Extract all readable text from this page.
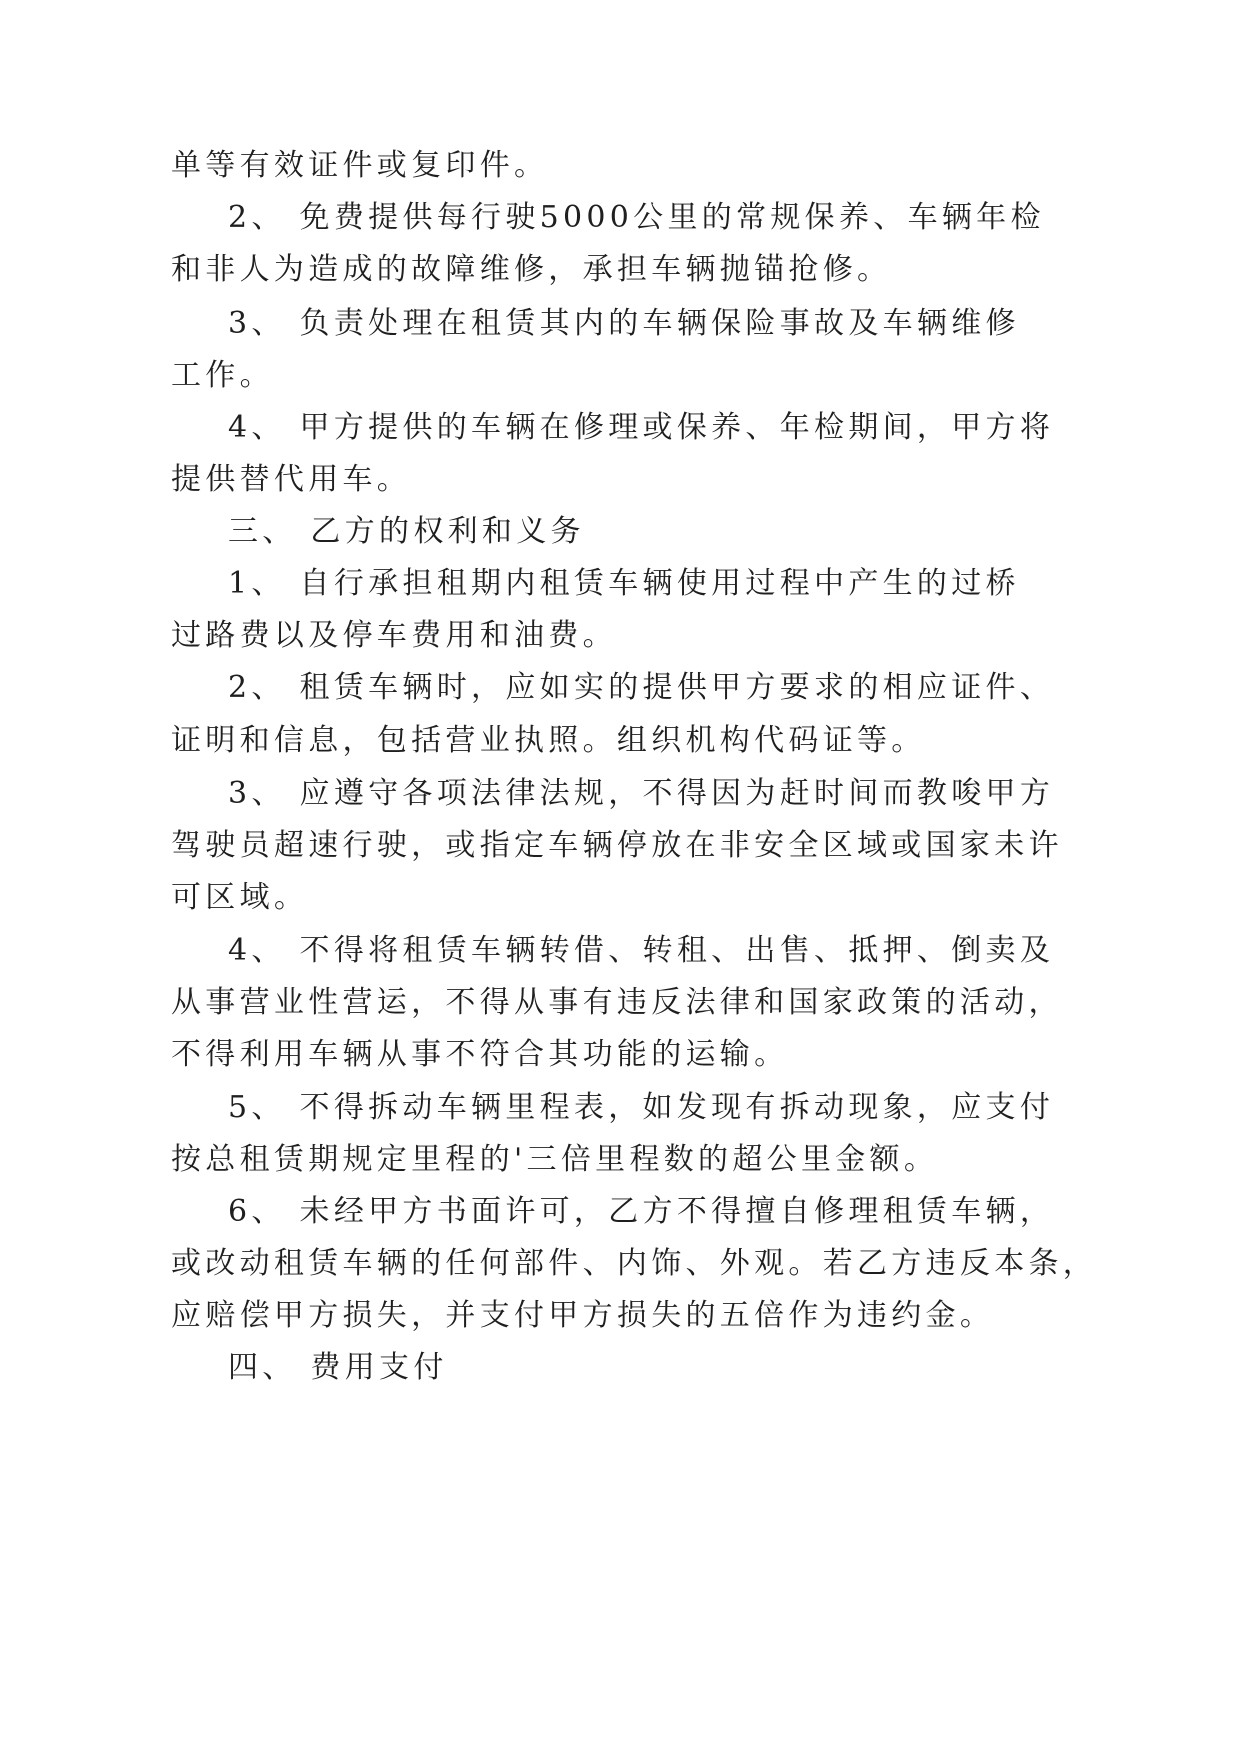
单等有效证件或复印件。
2、 免费提供每行驶5000公里的常规保养、车辆年检
和非人为造成的故障维修，承担车辆抛锚抢修。
3、 负责处理在租赁其内的车辆保险事故及车辆维修
工作。
4、 甲方提供的车辆在修理或保养、年检期间，甲方将
提供替代用车。
三、 乙方的权利和义务
1、 自行承担租期内租赁车辆使用过程中产生的过桥
过路费以及停车费用和油费。
2、 租赁车辆时，应如实的提供甲方要求的相应证件、
证明和信息，包括营业执照。组织机构代码证等。
3、 应遵守各项法律法规，不得因为赶时间而教唆甲方
驾驶员超速行驶，或指定车辆停放在非安全区域或国家未许
可区域。
4、 不得将租赁车辆转借、转租、出售、抵押、倒卖及
从事营业性营运，不得从事有违反法律和国家政策的活动，
不得利用车辆从事不符合其功能的运输。
5、 不得拆动车辆里程表，如发现有拆动现象，应支付
按总租赁期规定里程的'三倍里程数的超公里金额。
6、 未经甲方书面许可，乙方不得擅自修理租赁车辆，
或改动租赁车辆的任何部件、内饰、外观。若乙方违反本条，
应赔偿甲方损失，并支付甲方损失的五倍作为违约金。
四、 费用支付
